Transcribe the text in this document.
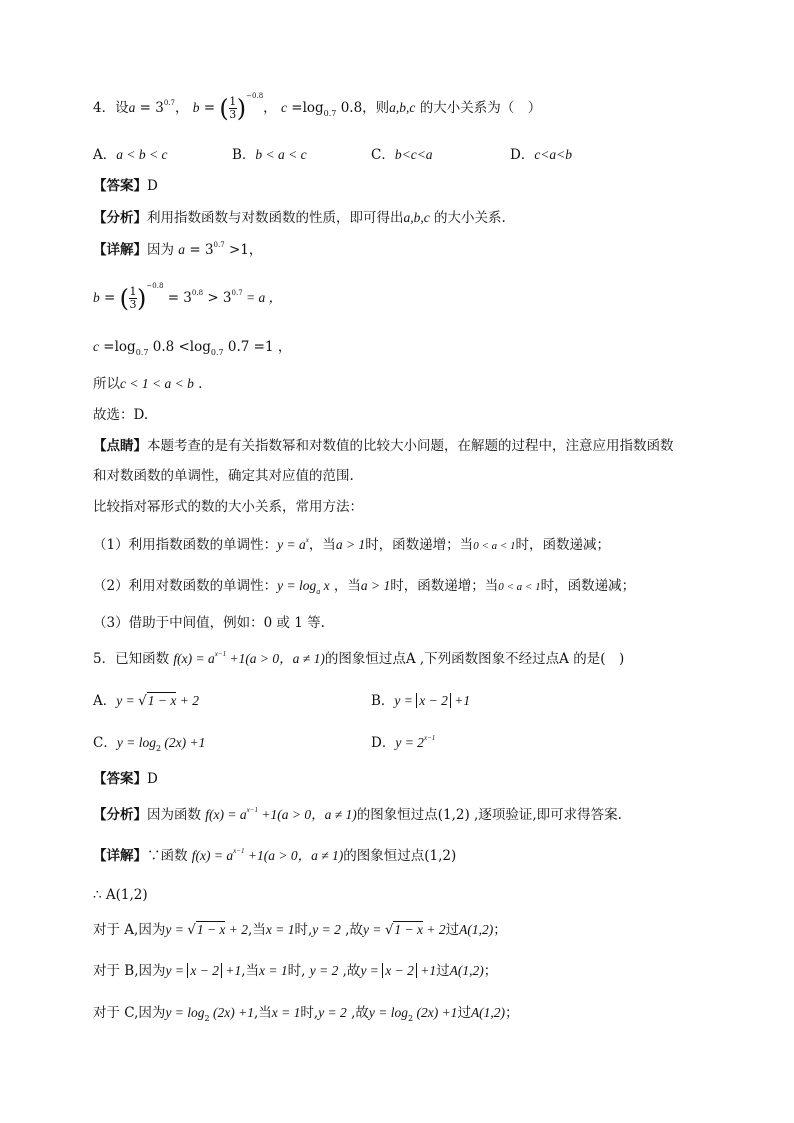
4．设$a = 3^{0.7}$， b = ( $\frac{1}{3} )^{-0.8}$， $c =\log_{0.7}$ 0.8，则a,b,c 的大小关系为（　）
A．a < b < c	B．b < a < c	C．b<c<a	D．c<a<b
【答案】D
【分析】利用指数函数与对数函数的性质，即可得出a,b,c 的大小关系.
【详解】因为 $a = 3^{0.7} >1$，
b = ( $\frac{1}{3} )^{-0.8} = 3^{0.8} > 3^{0.7} = a$ ，
$c =\log_{0.7}$ $0.8 <\log_{0.7}$ 0.7 =1 ，
所以c < 1 < a < b .
故选：D.
【点睛】本题考查的是有关指数幂和对数值的比较大小问题，在解题的过程中，注意应用指数函数
和对数函数的单调性，确定其对应值的范围.
比较指对幂形式的数的大小关系，常用方法：
（1）利用指数函数的单调性：$y = a^x$，当a > 1时，函数递增；当0 < a < 1时，函数递减；
（2）利用对数函数的单调性：$y = \log_a x$ ，当a > 1时，函数递增；当0 < a < 1时，函数递减；
（3）借助于中间值，例如：0 或 1 等.
5．已知函数 $f(x) = a^{x-1} +1(a > 0$，a ≠ 1)的图象恒过点A ,下列函数图象不经过点A 的是(　)
A．y = √1 − x + 2	B．y = x − 2 +1
C．$y = \log_2 (2x) +1$	D．$y = 2^{x-1}$
【答案】D
【分析】因为函数 $f(x) = a^{x-1} +1(a > 0$，a ≠ 1)的图象恒过点(1,2) ,逐项验证,即可求得答案.
【详解】∵函数 $f(x) = a^{x-1} +1(a > 0$，a ≠ 1)的图象恒过点(1,2)
∴ A(1,2)
对于 A,因为y = √1 − x + 2,当x = 1时,y = 2 ,故y = √1 − x + 2过A(1,2)；
对于 B,因为y = x − 2 +1,当x = 1时, y = 2 ,故y = x − 2 +1过A(1,2)；
对于 C,因为$y = \log_2 (2x) +1$,当x = 1时,y = 2 ,故$y = \log_2 (2x) +1$过A(1,2)；
